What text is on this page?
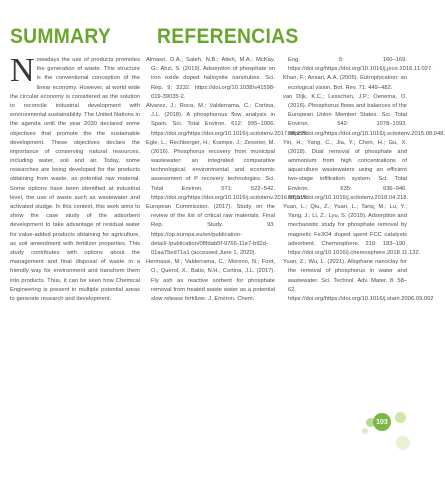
SUMMARY REFERENCIAS
Nowadays the use of products promotes the generation of waste. This structure is the conventional conception of the linear economy. However, at world wide the circular economy is considered as the solution to reconcile industrial development with environmental sustainability. The United Nations in the agenda until the year 2030 declared some objectives that promote the the sustainable development. These objectives declare the importance of conserving natural resources, including water, soil and air. Today, some researches are being developed for the products obtaining from waste, as potential raw material. Some options have been identified at industrial level, the use of waste such as wastewater and activated sludge. In this context, this work aims to show the case study of the adsorbent development to take advantage of residual water for value-added products obtaining for agriculture, as soil amendment with fertilizer properties. This study contributes with options about the management and final disposal of waste in a friendly way for environment and transform them into products. Thus, it can be seen how Chemical Engineering is present in multiple potential areas to generate research and development.

Almasri, D.A.; Saleh, N.B.; Atieh, M.A.; McKay, G.; Ahzi, S. (2019). Adsorption of phosphate on iron oxide doped halloysite nanotubes. Sci. Rep. 9: 3232. https://doi.org/10.1038/s41598-019-39035-2.

Alvarez, J.; Roca, M.; Valderrama, C.; Cortina, J.L. (2018). A phosphorous flow analysis in Spain. Sci. Total Environ. 612: 995–1006. https://doi.org/https://doi.org/10.1016/j.scitotenv.2017.08.299.

Egle, L.; Rechberger, H.; Krampe, J.; Zessner, M. (2016). Phosphorus recovery from municipal wastewater: an integrated comparative technological, environmental and economic assessment of P recovery technologies. Sci. Total Environ. 571: 522–542. https://doi.org/https://doi.org/10.1016/j.scitotenv.2016.07.019.

European Commission. (2017). Study on the review of the list of critical raw materials. Final Rep. Study. 93. https://op.europa.eu/en/publication-detail/-/publication/08fdab5f-9766-11e7-b92d-01aa75ed71a1 (accessed June 1, 2020).

Hermassi, M.; Valderrama, C.; Moreno, N.; Font, O.; Querol, X.; Batis, N.H.; Cortina, J.L. (2017). Fly ash as reactive sorbent for phosphate removal from treated waste water as a potential slow release fertilizer. J. Environ. Chem.

Eng. 5: 160–169. https://doi.org/https://doi.org/10.1016/j.jece.2016.11.027.

Khan, F.; Ansari, A.A. (2005). Eutrophication: an ecological vision. Bot. Rev. 71: 449–482.

van Dijk, K.C.; Lesschen, J.P.; Oenema, O. (2016). Phosphorus flows and balances of the European Union Member States. Sci. Total Environ. 542: 1078–1093. https://doi.org/https://doi.org/10.1016/j.scitotenv.2015.08.048.

Yin, H.; Yang, C.; Jia, Y.; Chen, H.; Gu, X. (2018). Dual removal of phosphate and ammonium from high concentrations of aquaculture wastewaters using an efficient two-stage infiltration system. Sci. Total Environ. 635: 936–946. https://doi.org/10.1016/j.scitotenv.2018.04.218.

Yuan, L.; Qiu, Z.; Yuan, L.; Tariq, M.; Lu, Y.; Yang, J.; Li, Z.; Lyu, S. (2019). Adsorption and mechanistic study for phosphate removal by magnetic Fe3O4 doped spent FCC catalysts adsorbent. Chemosphere. 219: 183–190. https://doi.org/10.1016/j.chemosphere.2018.11.132.

Yuan, Z.; Wu, L. (2021). Allophane nanoclay for the removal of phosphorus in water and wastewater. Sci. Technol. Adv. Mater. 8: 58–62. https://doi.org/https://doi.org/10.1016/j.stam.2006.09.002

103
